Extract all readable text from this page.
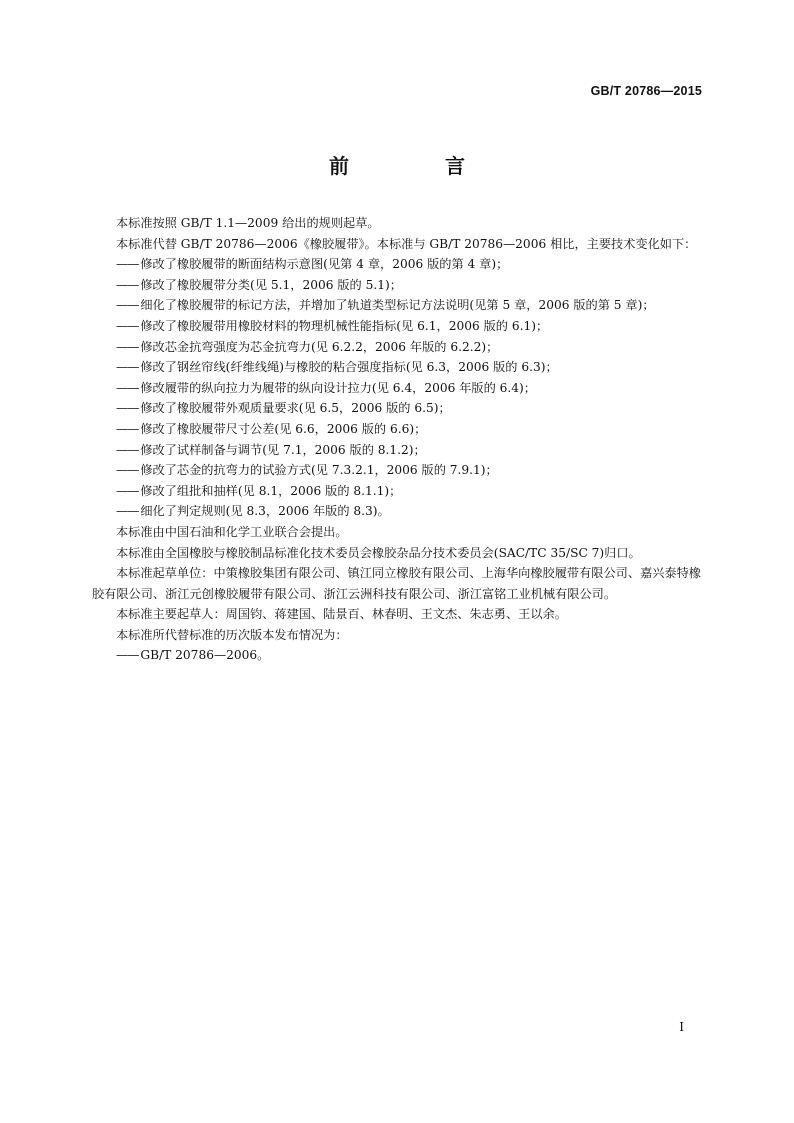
GB/T 20786—2015
前　言

本标准按照 GB/T 1.1—2009 给出的规则起草。

本标准代替 GB/T 20786—2006《橡胶履带》。本标准与 GB/T 20786—2006 相比，主要技术变化如下：

—— 修改了橡胶履带的断面结构示意图(见第 4 章，2006 版的第 4 章)；

—— 修改了橡胶履带分类(见 5.1，2006 版的 5.1)；

—— 细化了橡胶履带的标记方法，并增加了轨道类型标记方法说明(见第 5 章，2006 版的第 5 章)；

—— 修改了橡胶履带用橡胶材料的物理机械性能指标(见 6.1，2006 版的 6.1)；

—— 修改芯金抗弯强度为芯金抗弯力(见 6.2.2，2006 年版的 6.2.2)；

—— 修改了钢丝帘线(纤维线绳)与橡胶的粘合强度指标(见 6.3，2006 版的 6.3)；

—— 修改履带的纵向拉力为履带的纵向设计拉力(见 6.4，2006 年版的 6.4)；

—— 修改了橡胶履带外观质量要求(见 6.5，2006 版的 6.5)；

—— 修改了橡胶履带尺寸公差(见 6.6，2006 版的 6.6)；

—— 修改了试样制备与调节(见 7.1，2006 版的 8.1.2)；

—— 修改了芯金的抗弯力的试验方式(见 7.3.2.1，2006 版的 7.9.1)；

—— 修改了组批和抽样(见 8.1，2006 版的 8.1.1)；

—— 细化了判定规则(见 8.3，2006 年版的 8.3)。

本标准由中国石油和化学工业联合会提出。

本标准由全国橡胶与橡胶制品标准化技术委员会橡胶杂品分技术委员会(SAC/TC 35/SC 7)归口。

本标准起草单位：中策橡胶集团有限公司、镇江同立橡胶有限公司、上海华向橡胶履带有限公司、嘉兴泰特橡胶有限公司、浙江元创橡胶履带有限公司、浙江云洲科技有限公司、浙江富铭工业机械有限公司。

本标准主要起草人：周国钧、蒋建国、陆景百、林春明、王文杰、朱志勇、王以余。

本标准所代替标准的历次版本发布情况为：

—— GB/T 20786—2006。

I
